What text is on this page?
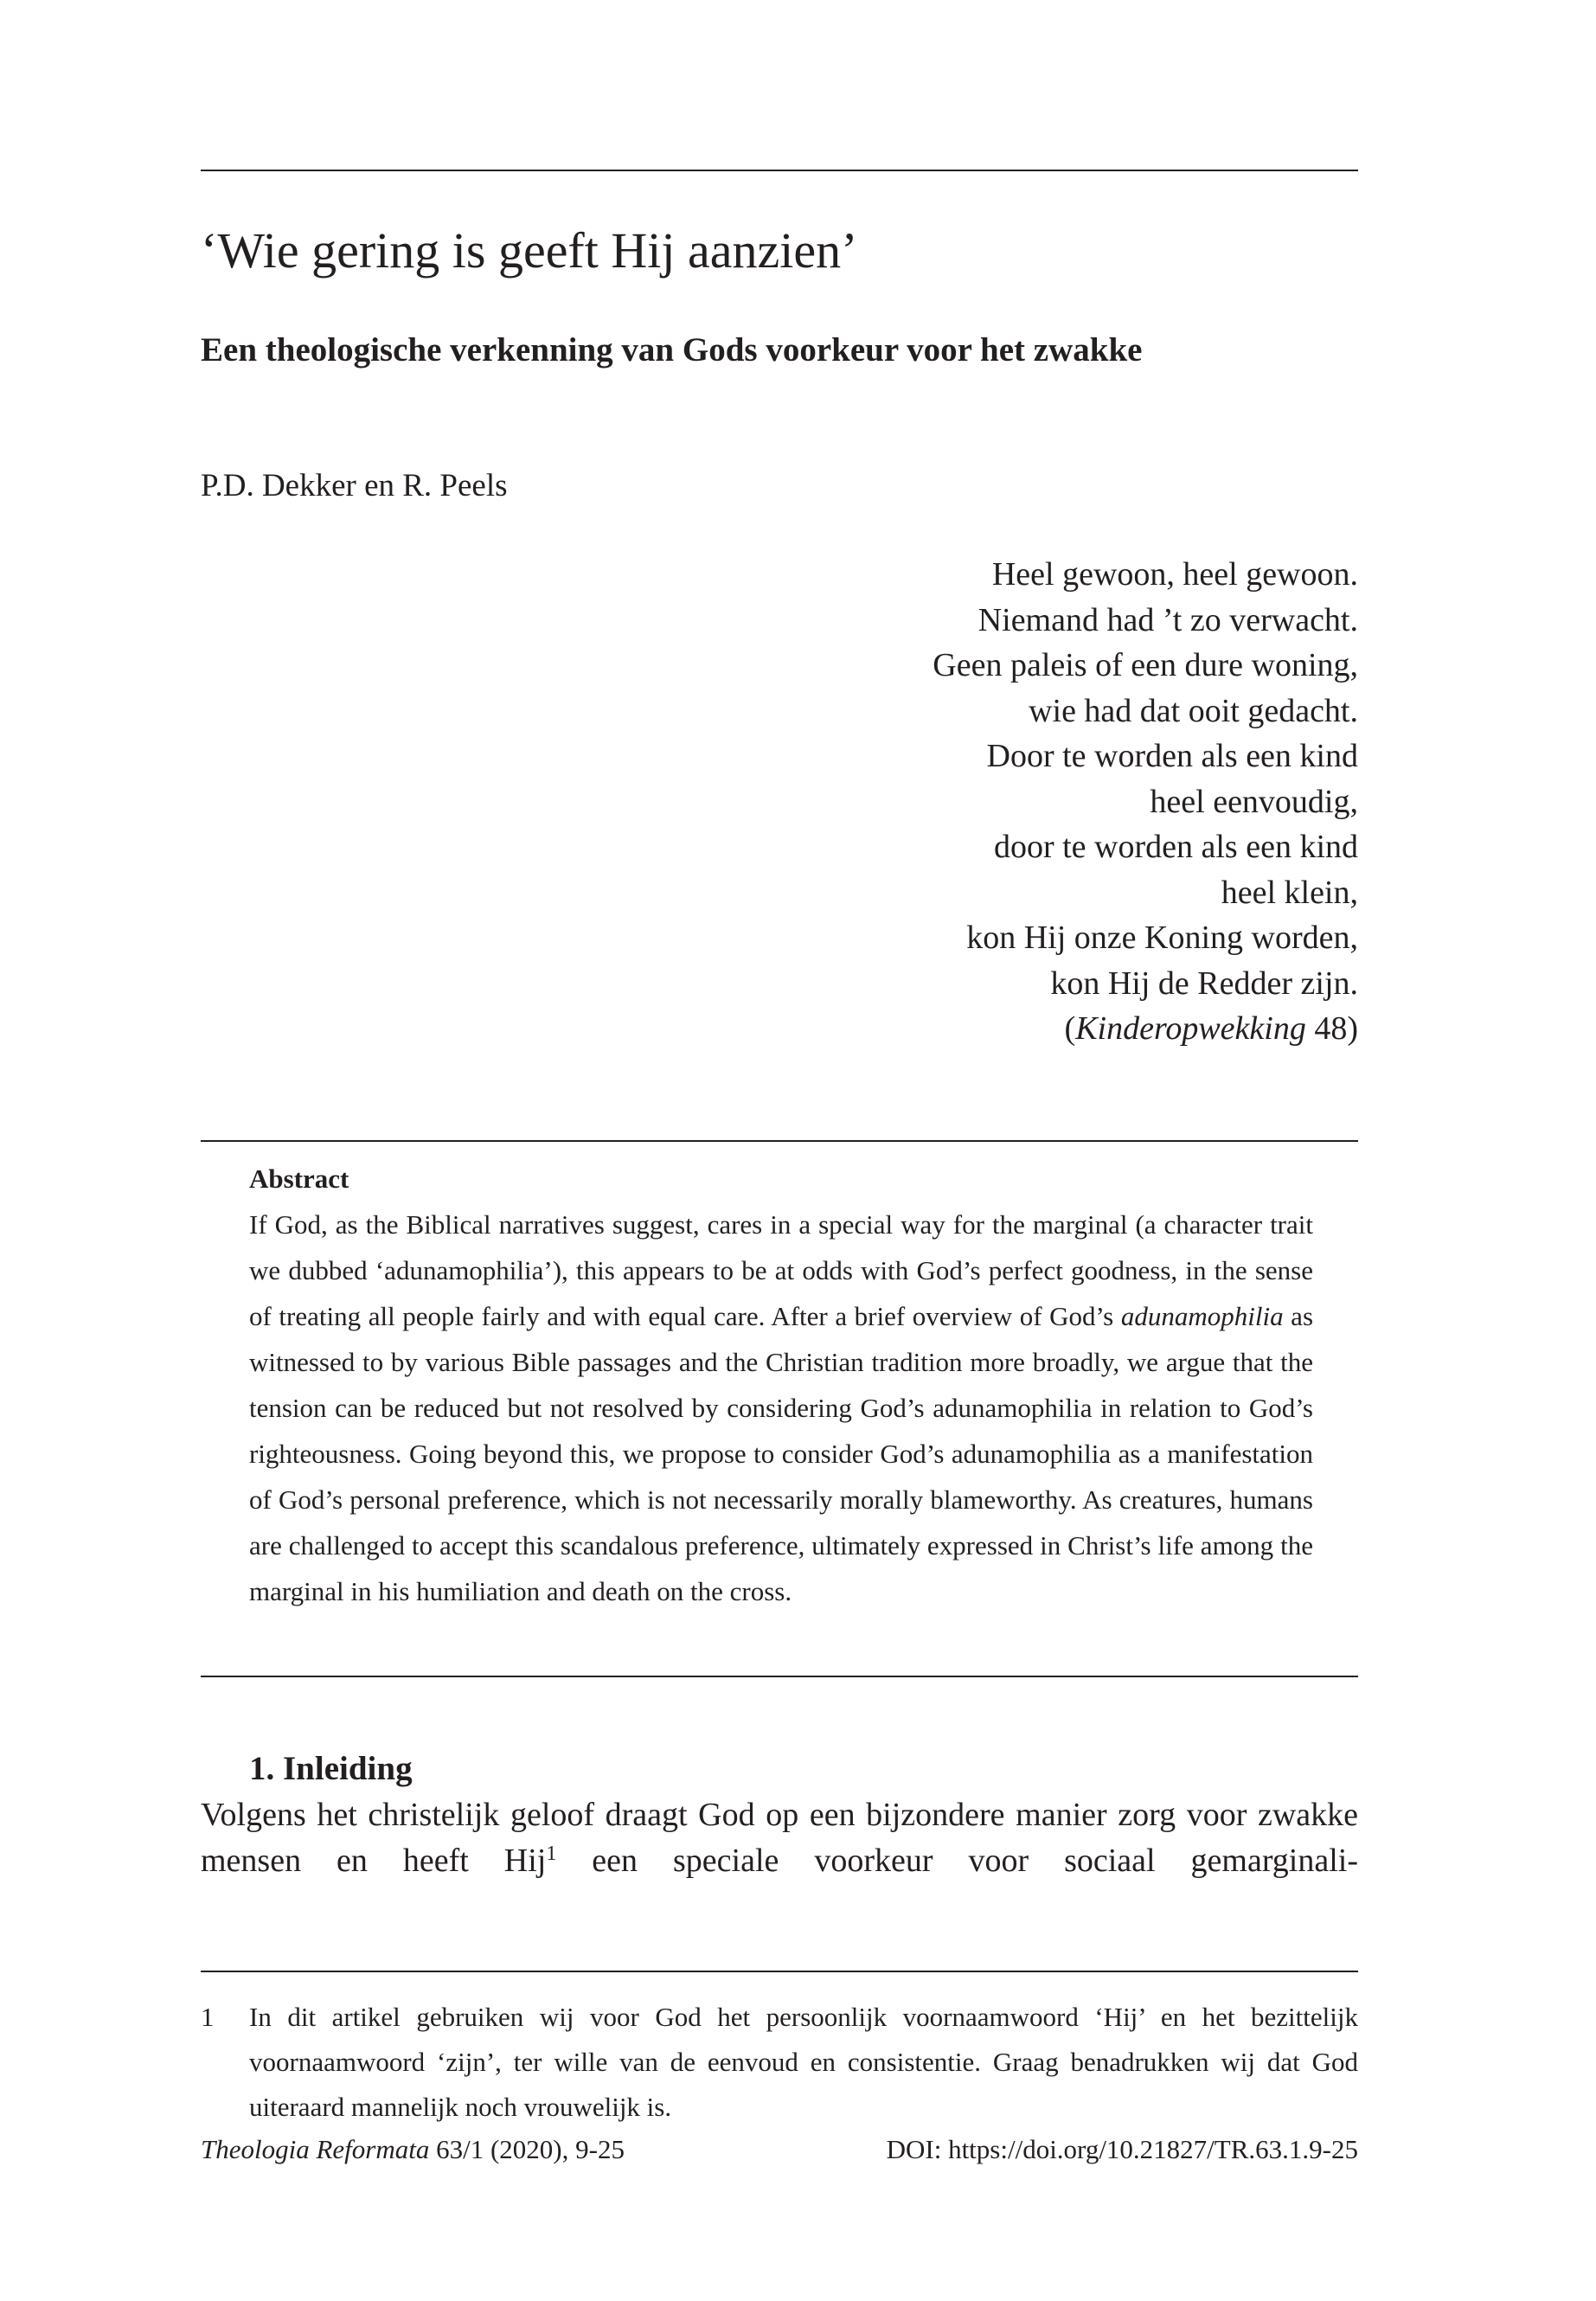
‘Wie gering is geeft Hij aanzien’
Een theologische verkenning van Gods voorkeur voor het zwakke
P.D. Dekker en R. Peels
Heel gewoon, heel gewoon.
Niemand had ’t zo verwacht.
Geen paleis of een dure woning,
wie had dat ooit gedacht.
Door te worden als een kind
heel eenvoudig,
door te worden als een kind
heel klein,
kon Hij onze Koning worden,
kon Hij de Redder zijn.
(Kinderopwekking 48)
Abstract

If God, as the Biblical narratives suggest, cares in a special way for the marginal (a character trait we dubbed ‘adunamophilia’), this appears to be at odds with God’s perfect goodness, in the sense of treating all people fairly and with equal care. After a brief overview of God’s adunamophilia as witnessed to by various Bible passages and the Christian tradition more broadly, we argue that the tension can be reduced but not resolved by considering God’s adunamophilia in relation to God’s righteousness. Going beyond this, we propose to consider God’s adunamophilia as a manifestation of God’s personal preference, which is not necessarily morally blameworthy. As creatures, humans are challenged to accept this scandalous preference, ultimately expressed in Christ’s life among the marginal in his humiliation and death on the cross.

1. Inleiding

Volgens het christelijk geloof draagt God op een bijzondere manier zorg voor zwakke mensen en heeft Hij$^1$ een speciale voorkeur voor sociaal gemarginali-

1 In dit artikel gebruiken wij voor God het persoonlijk voornaamwoord ‘Hij’ en het bezittelijk voornaamwoord ‘zijn’, ter wille van de eenvoud en consistentie. Graag benadrukken wij dat God uiteraard mannelijk noch vrouwelijk is.

Theologia Reformata 63/1 (2020), 9-25	DOI: https://doi.org/10.21827/TR.63.1.9-25
